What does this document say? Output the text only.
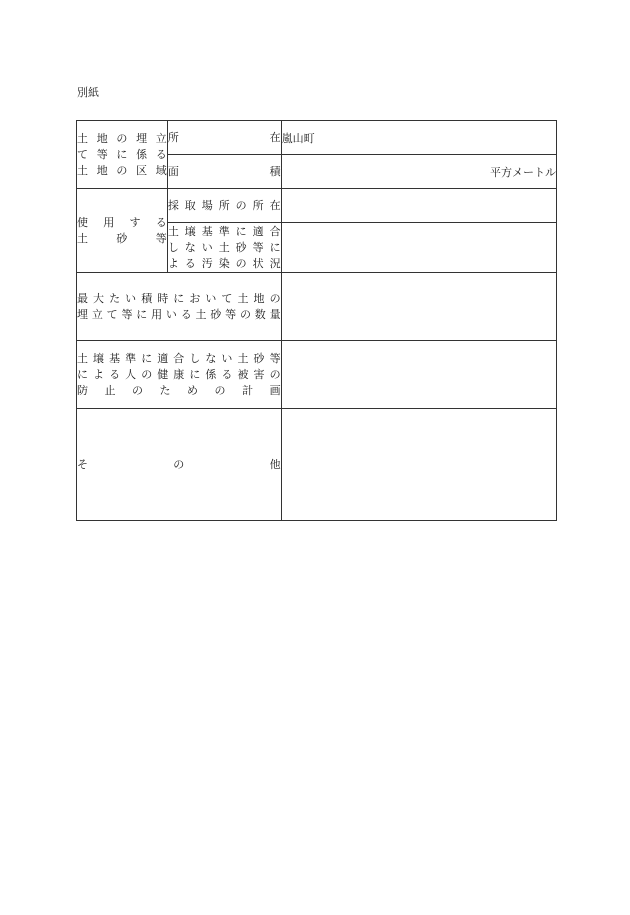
別紙
土地の埋立
て等に係る
土地の区域	所在	嵐山町
	面積	平方メートル

使用する
土砂等	採取場所の所在	

	土壌基準に適合
しない土砂等に
よる汚染の状況	

最大たい積時において土地の
埋立て等に用いる土砂等の数量		

土壌基準に適合しない土砂等
による人の健康に係る被害の
防止のための計画		

その他		
